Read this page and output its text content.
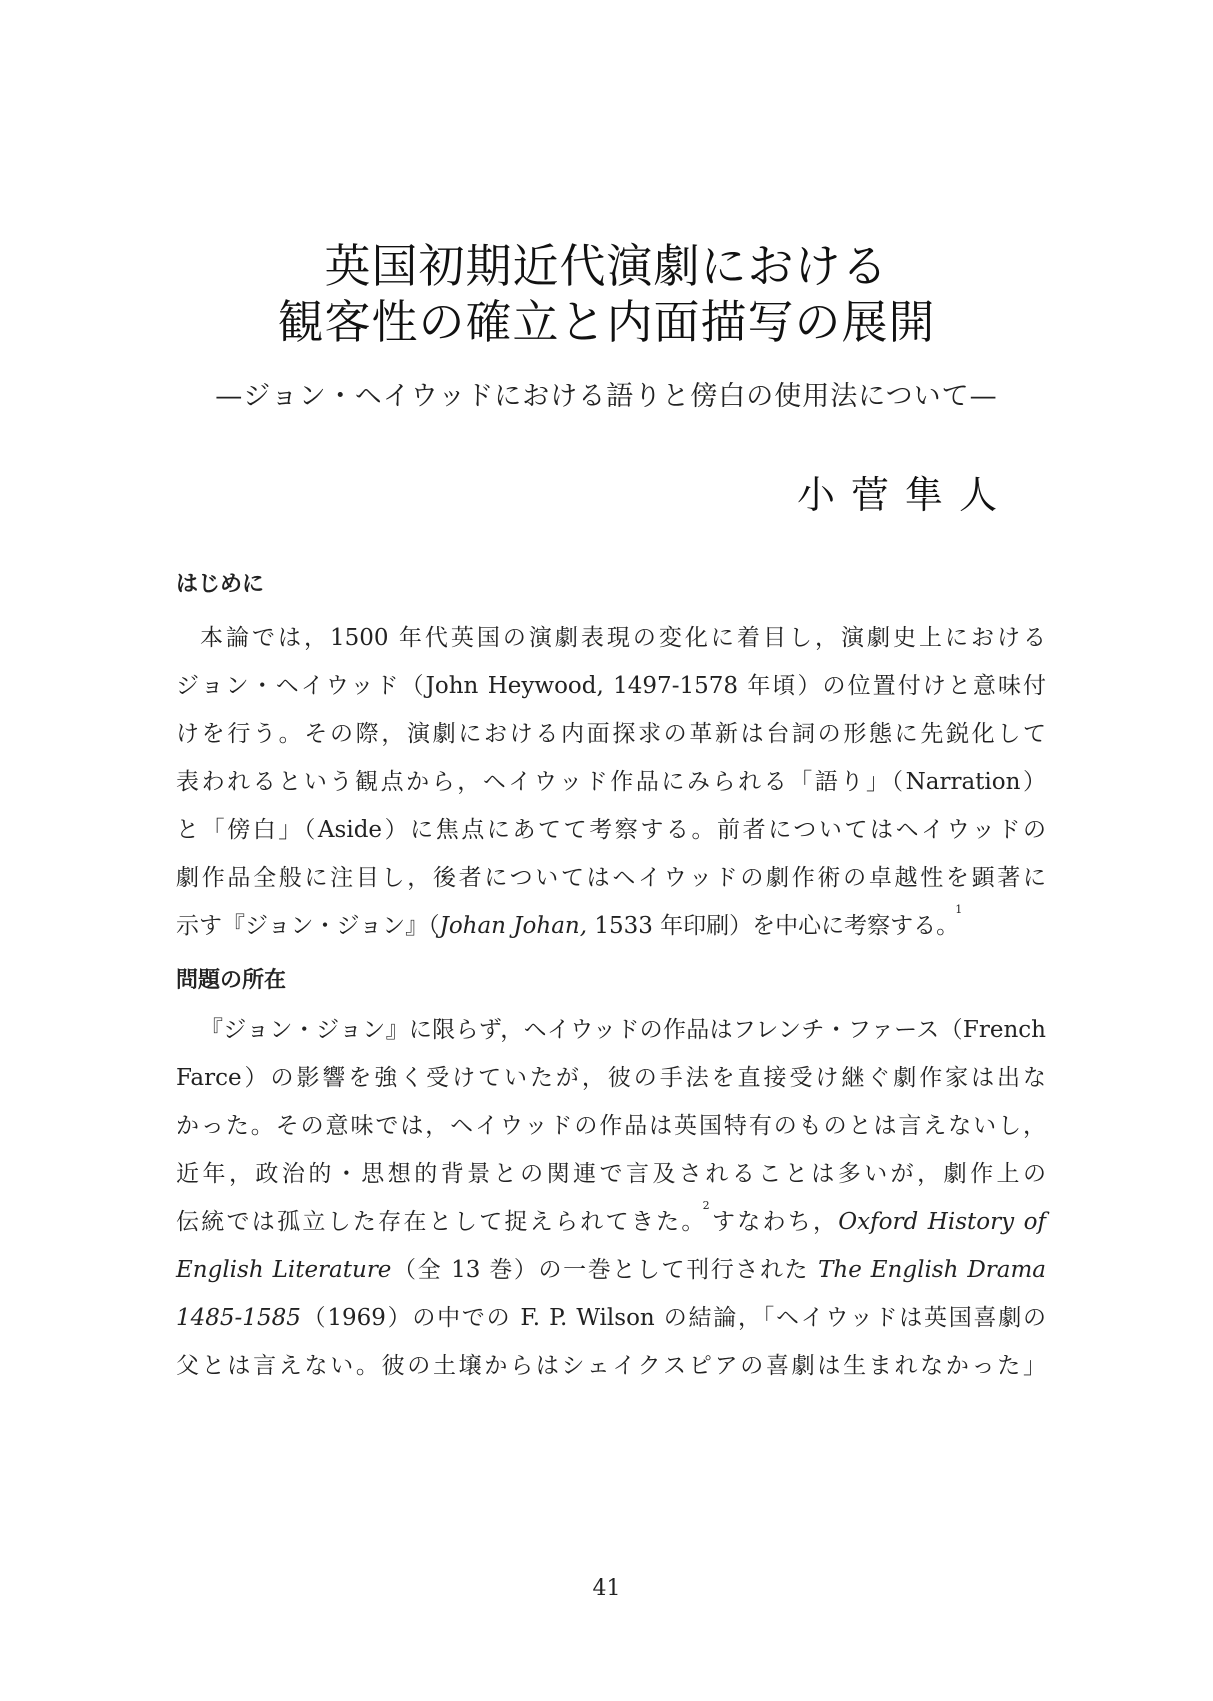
英国初期近代演劇における
観客性の確立と内面描写の展開
—ジョン・ヘイウッドにおける語りと傍白の使用法について—
小菅隼人
はじめに
本論では，1500 年代英国の演劇表現の変化に着目し，演劇史上における
ジョン・ヘイウッド（John Heywood, 1497-1578 年頃）の位置付けと意味付
けを行う。その際，演劇における内面探求の革新は台詞の形態に先鋭化して
表われるという観点から，ヘイウッド作品にみられる「語り」（Narration）
と「傍白」（Aside）に焦点にあてて考察する。前者についてはヘイウッドの
劇作品全般に注目し，後者についてはヘイウッドの劇作術の卓越性を顕著に
示す『ジョン・ジョン』（Johan Johan, 1533 年印刷）を中心に考察する。$^1$
問題の所在
『ジョン・ジョン』に限らず，ヘイウッドの作品はフレンチ・ファース（French
Farce）の影響を強く受けていたが，彼の手法を直接受け継ぐ劇作家は出な
かった。その意味では，ヘイウッドの作品は英国特有のものとは言えないし，
近年，政治的・思想的背景との関連で言及されることは多いが，劇作上の
伝統では孤立した存在として捉えられてきた。$^2$すなわち，Oxford History of
English Literature（全 13 巻）の一巻として刊行された The English Drama
1485-1585（1969）の中での F. P. Wilson の結論，「ヘイウッドは英国喜劇の
父とは言えない。彼の土壌からはシェイクスピアの喜劇は生まれなかった」
41
